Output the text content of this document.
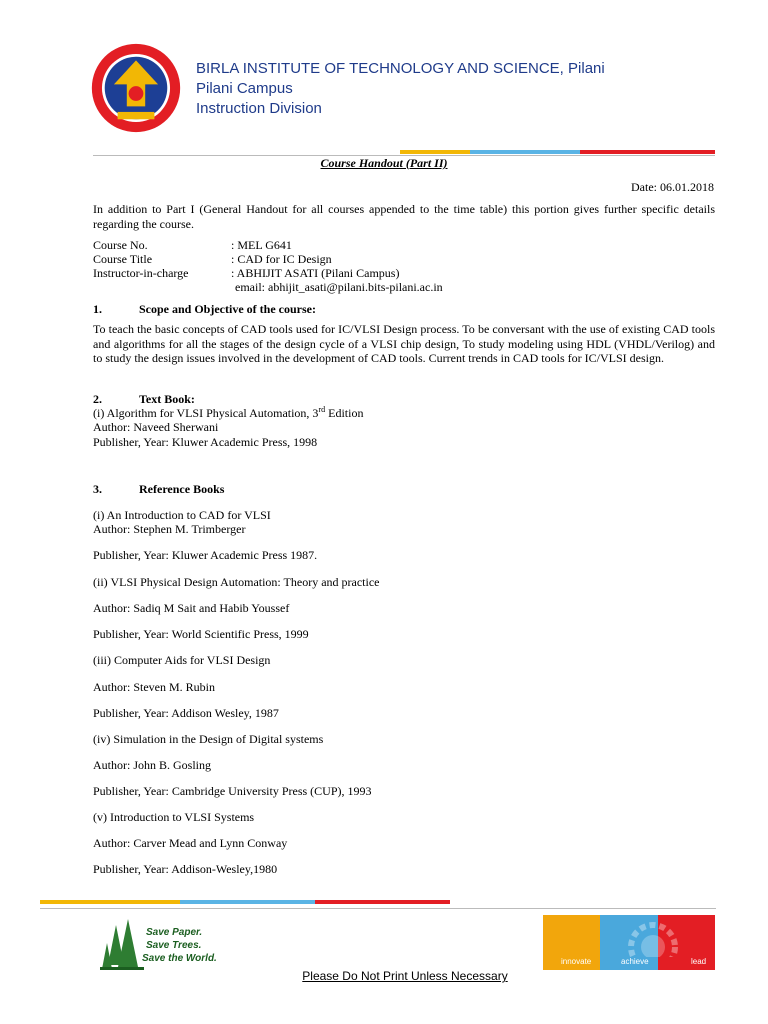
BIRLA INSTITUTE OF TECHNOLOGY AND SCIENCE, Pilani
Pilani Campus
Instruction Division
Course Handout (Part II)
Date: 06.01.2018
In addition to Part I (General Handout for all courses appended to the time table) this portion gives further specific details regarding the course.
Course No.	: MEL G641
Course Title	: CAD for IC Design
Instructor-in-charge	: ABHIJIT ASATI (Pilani Campus)
email: abhijit_asati@pilani.bits-pilani.ac.in
1.	Scope and Objective of the course:
To teach the basic concepts of CAD tools used for IC/VLSI Design process. To be conversant with the use of existing CAD tools and algorithms for all the stages of the design cycle of a VLSI chip design, To study modeling using HDL (VHDL/Verilog) and to study the design issues involved in the development of CAD tools. Current trends in CAD tools for IC/VLSI design.
2.	Text Book:
(i) Algorithm for VLSI Physical Automation, 3rd Edition
Author: Naveed Sherwani
Publisher, Year: Kluwer Academic Press, 1998
3.	Reference Books
(i) An Introduction to CAD for VLSI
Author: Stephen M. Trimberger
Publisher, Year: Kluwer Academic Press 1987.
(ii) VLSI Physical Design Automation: Theory and practice
Author: Sadiq M Sait and Habib Youssef
Publisher, Year: World Scientific Press, 1999
(iii) Computer Aids for VLSI Design
Author: Steven M. Rubin
Publisher, Year: Addison Wesley, 1987
(iv) Simulation in the Design of Digital systems
Author: John B. Gosling
Publisher, Year: Cambridge University Press (CUP), 1993
(v) Introduction to VLSI Systems
Author: Carver Mead and Lynn Conway
Publisher, Year: Addison-Wesley,1980
Save Paper.
Save Trees.
Save the World.	innovate	achieve	lead
Please Do Not Print Unless Necessary
